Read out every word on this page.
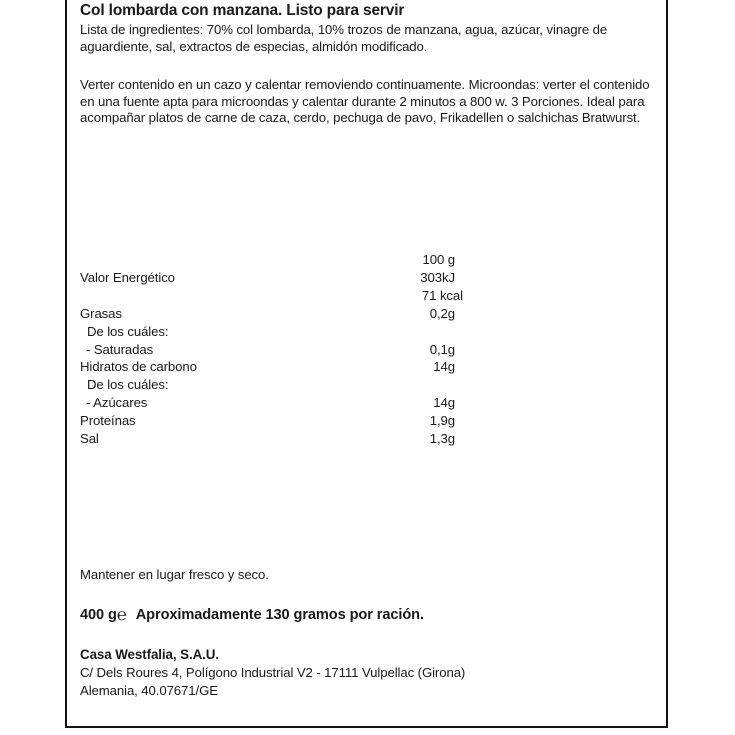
Col lombarda con manzana. Listo para servir

Lista de ingredientes: 70% col lombarda, 10% trozos de manzana, agua, azúcar, vinagre de aguardiente, sal, extractos de especias, almidón modificado.

Verter contenido en un cazo y calentar removiendo continuamente. Microondas: verter el contenido en una fuente apta para microondas y calentar durante 2 minutos a 800 w. 3 Porciones. Ideal para acompañar platos de carne de caza, cerdo, pechuga de pavo, Frikadellen o salchichas Bratwurst.

	100 g
Valor Energético	303kJ
	71 kcal
Grasas	0,2g
De los cuáles:	
- Saturadas	0,1g
Hidratos de carbono	14g
De los cuáles:	
- Azúcares	14g
Proteínas	1,9g
Sal	1,3g

Mantener en lugar fresco y seco.

400 g℮ Aproximadamente 130 gramos por ración.

Casa Westfalia, S.A.U.

C/ Dels Roures 4, Polígono Industrial V2 - 17111 Vulpellac (Girona)

Alemania, 40.07671/GE
